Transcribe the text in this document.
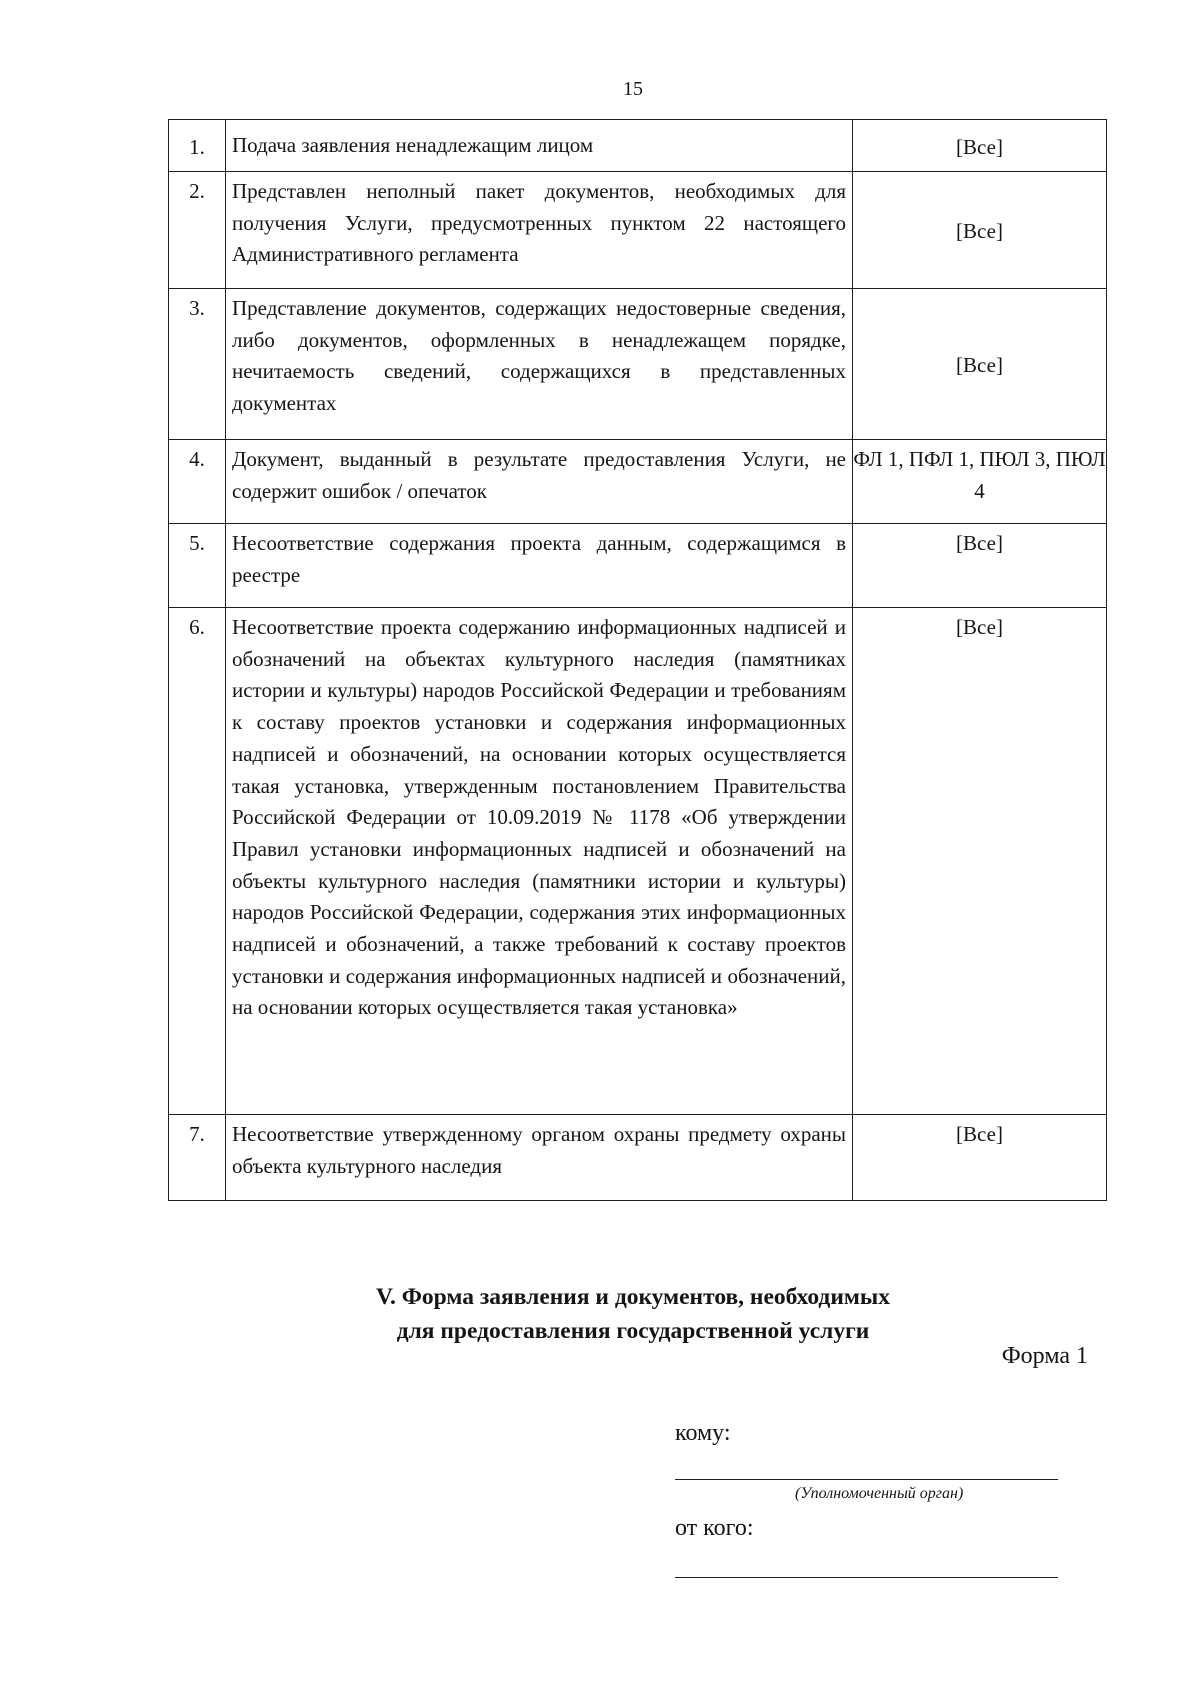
15
1.	Подача заявления ненадлежащим лицом	[Все]
2.	Представлен неполный пакет документов, необходимых для получения Услуги, предусмотренных пунктом 22 настоящего Административного регламента	[Все]
3.	Представление документов, содержащих недостоверные сведения, либо документов, оформленных в ненадлежащем порядке, нечитаемость сведений, содержащихся в представленных документах	[Все]
4.	Документ, выданный в результате предоставления Услуги, не содержит ошибок / опечаток	ФЛ 1, ПФЛ 1, ПЮЛ 3, ПЮЛ 4
5.	Несоответствие содержания проекта данным, содержащимся в реестре	[Все]
6.	Несоответствие проекта содержанию информационных надписей и обозначений на объектах культурного наследия (памятниках истории и культуры) народов Российской Федерации и требованиям к составу проектов установки и содержания информационных надписей и обозначений, на основании которых осуществляется такая установка, утвержденным постановлением Правительства Российской Федерации от 10.09.2019 № 1178 «Об утверждении Правил установки информационных надписей и обозначений на объекты культурного наследия (памятники истории и культуры) народов Российской Федерации, содержания этих информационных надписей и обозначений, а также требований к составу проектов установки и содержания информационных надписей и обозначений, на основании которых осуществляется такая установка»	[Все]
7.	Несоответствие утвержденному органом охраны предмету охраны объекта культурного наследия	[Все]
V. Форма заявления и документов, необходимых
для предоставления государственной услуги
Форма 1
кому:
(Уполномоченный орган)
от кого:
